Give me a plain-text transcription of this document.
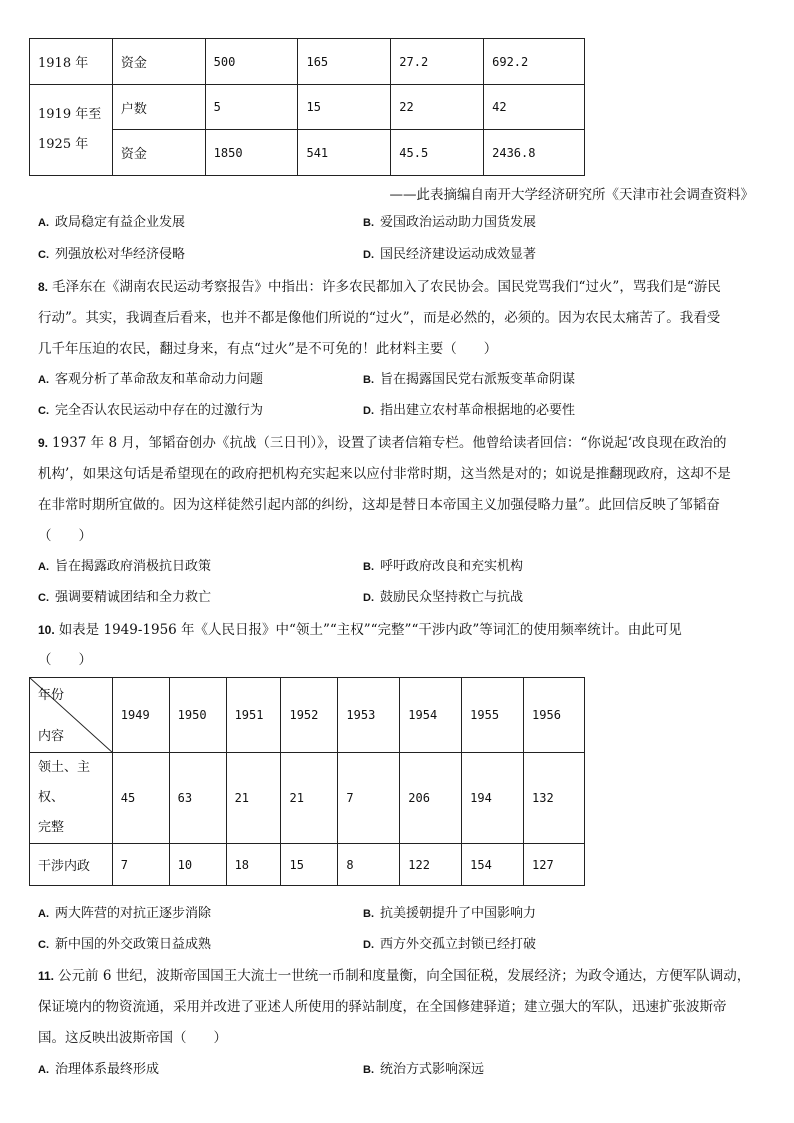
1918 年	资金	500	165	27.2	692.2

1919 年至
1925 年	户数	5	15	22	42
	资金	1850	541	45.5	2436.8
——此表摘编自南开大学经济研究所《天津市社会调查资料》
A. 政局稳定有益企业发展	B. 爱国政治运动助力国货发展
C. 列强放松对华经济侵略	D. 国民经济建设运动成效显著
8. 毛泽东在《湖南农民运动考察报告》中指出：许多农民都加入了农民协会。国民党骂我们“过火”，骂我们是“游民
行动”。其实，我调查后看来，也并不都是像他们所说的“过火”，而是必然的，必须的。因为农民太痛苦了。我看受
几千年压迫的农民，翻过身来，有点“过火”是不可免的！此材料主要（　　）
A. 客观分析了革命敌友和革命动力问题	B. 旨在揭露国民党右派叛变革命阴谋
C. 完全否认农民运动中存在的过激行为	D. 指出建立农村革命根据地的必要性
9. 1937 年 8 月，邹韬奋创办《抗战（三日刊）》，设置了读者信箱专栏。他曾给读者回信：“你说起‘改良现在政治的
机构’，如果这句话是希望现在的政府把机构充实起来以应付非常时期，这当然是对的；如说是推翻现政府，这却不是
在非常时期所宜做的。因为这样徒然引起内部的纠纷，这却是替日本帝国主义加强侵略力量”。此回信反映了邹韬奋
（　　）
A. 旨在揭露政府消极抗日政策	B. 呼吁政府改良和充实机构
C. 强调要精诚团结和全力救亡	D. 鼓励民众坚持救亡与抗战
10. 如表是 1949-1956 年《人民日报》中“领土”“主权”“完整”“干涉内政”等词汇的使用频率统计。由此可见
（　　）
年份
内容	1949	1950	1951	1952	1953	1954	1955	1956

领土、主权、
完整	45	63	21	21	7	206	194	132
干涉内政	7	10	18	15	8	122	154	127
A. 两大阵营的对抗正逐步消除	B. 抗美援朝提升了中国影响力
C. 新中国的外交政策日益成熟	D. 西方外交孤立封锁已经打破
11. 公元前 6 世纪，波斯帝国国王大流士一世统一币制和度量衡，向全国征税，发展经济；为政令通达，方便军队调动，
保证境内的物资流通，采用并改进了亚述人所使用的驿站制度，在全国修建驿道；建立强大的军队，迅速扩张波斯帝
国。这反映出波斯帝国（　　）
A. 治理体系最终形成	B. 统治方式影响深远
